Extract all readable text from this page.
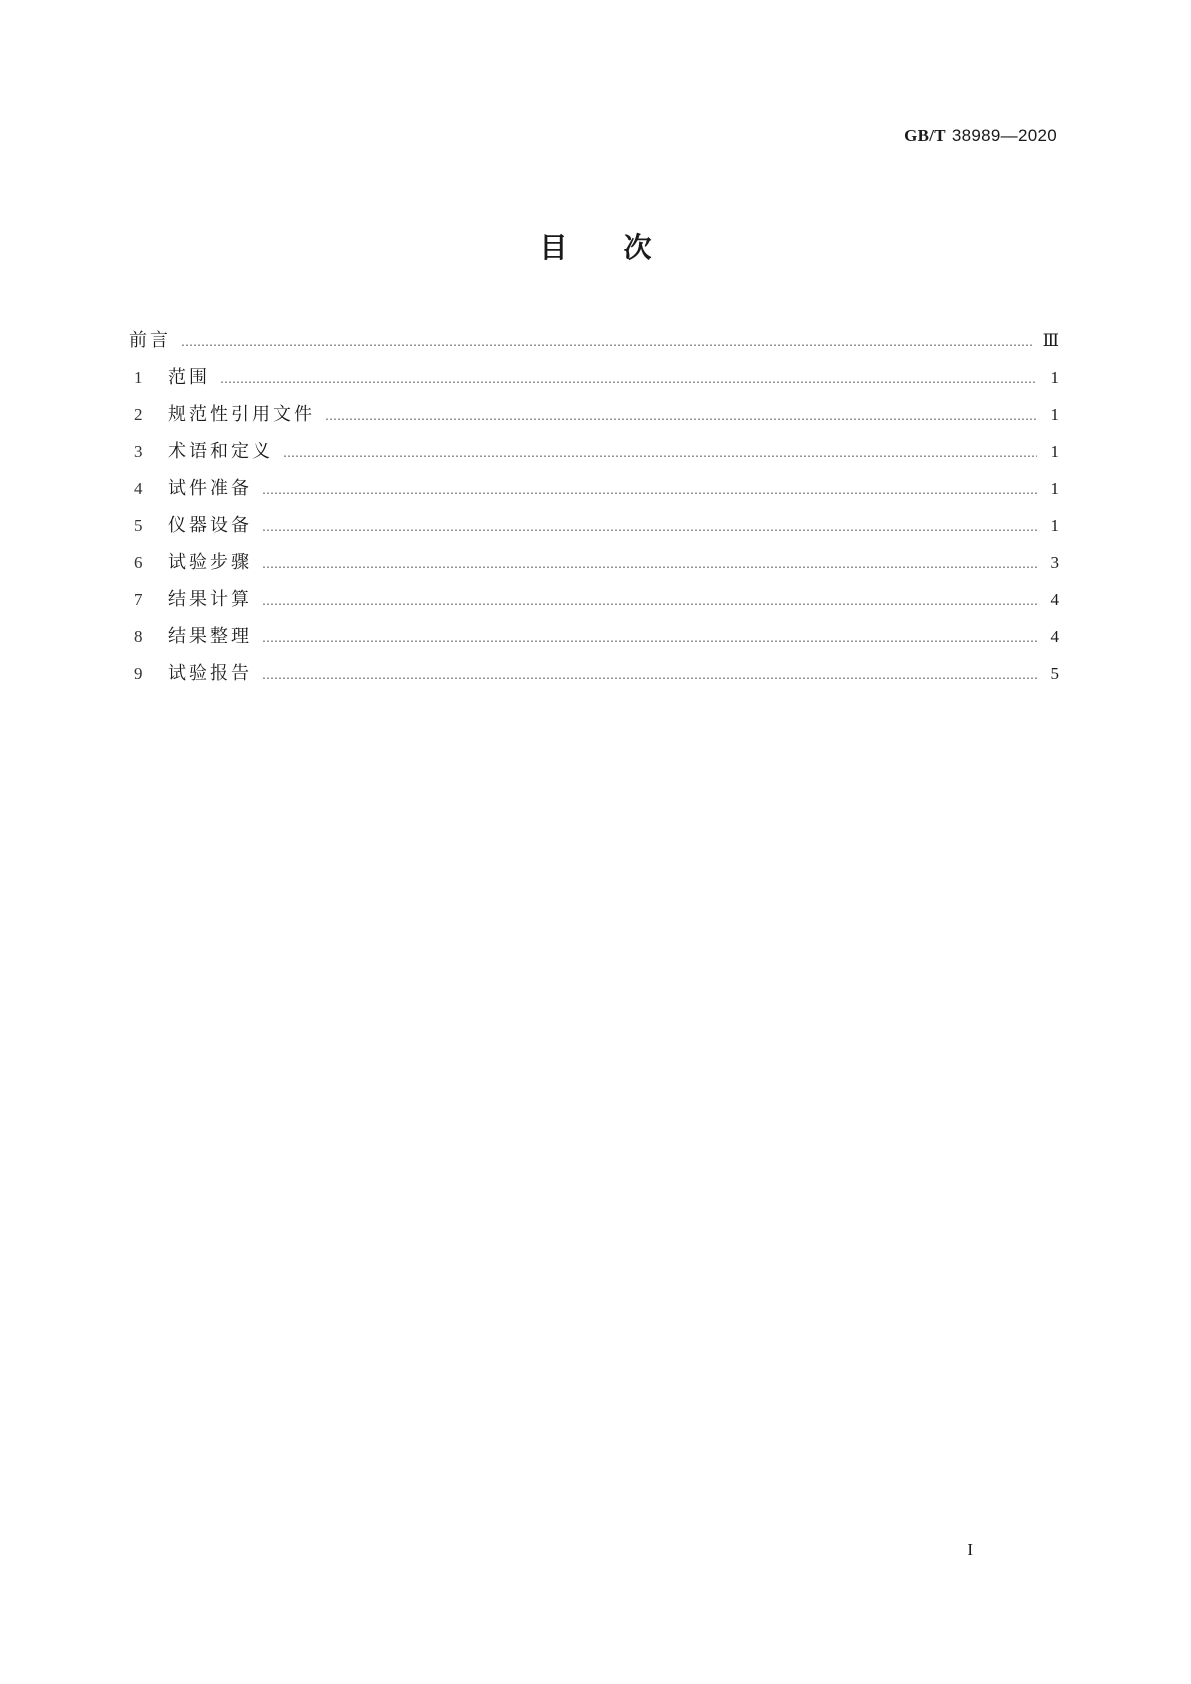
GB/T 38989—2020
目次
前言 ………………………………………………………………………………………………………………………………………………………………………………………………………………………………	Ⅲ
1	范围 ………………………………………………………………………………………………………………………………………………………………………………………………………………………………	1
2	规范性引用文件 ………………………………………………………………………………………………………………………………………………………………………………………………………………………………	1
3	术语和定义 ………………………………………………………………………………………………………………………………………………………………………………………………………………………………	1
4	试件准备 ………………………………………………………………………………………………………………………………………………………………………………………………………………………………	1
5	仪器设备 ………………………………………………………………………………………………………………………………………………………………………………………………………………………………	1
6	试验步骤 ………………………………………………………………………………………………………………………………………………………………………………………………………………………………	3
7	结果计算 ………………………………………………………………………………………………………………………………………………………………………………………………………………………………	4
8	结果整理 ………………………………………………………………………………………………………………………………………………………………………………………………………………………………	4
9	试验报告 ………………………………………………………………………………………………………………………………………………………………………………………………………………………………	5
I
